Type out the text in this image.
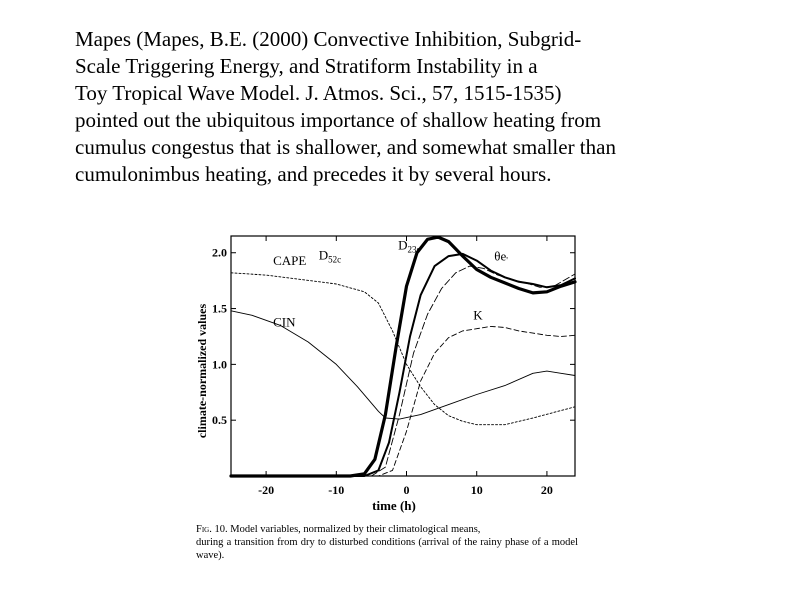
Mapes (Mapes, B.E. (2000) Convective Inhibition, Subgrid-
Scale Triggering Energy, and Stratiform Instability in a
Toy Tropical Wave Model. J. Atmos. Sci., 57, 1515-1535)
pointed out the ubiquitous importance of shallow heating from
cumulus congestus that is shallower, and somewhat smaller than
cumulonimbus heating, and precedes it by several hours.
-20	-10	0	10	20
0.5
1.0
1.5
2.0
CAPE
CIN
$D_{52c}$
$D_{23s}$	$\theta e'$
K
time (h)
climate-normalized values
Fig. 10. Model variables, normalized by their climatological means,
during a transition from dry to disturbed conditions (arrival of the rainy phase of a model wave).
